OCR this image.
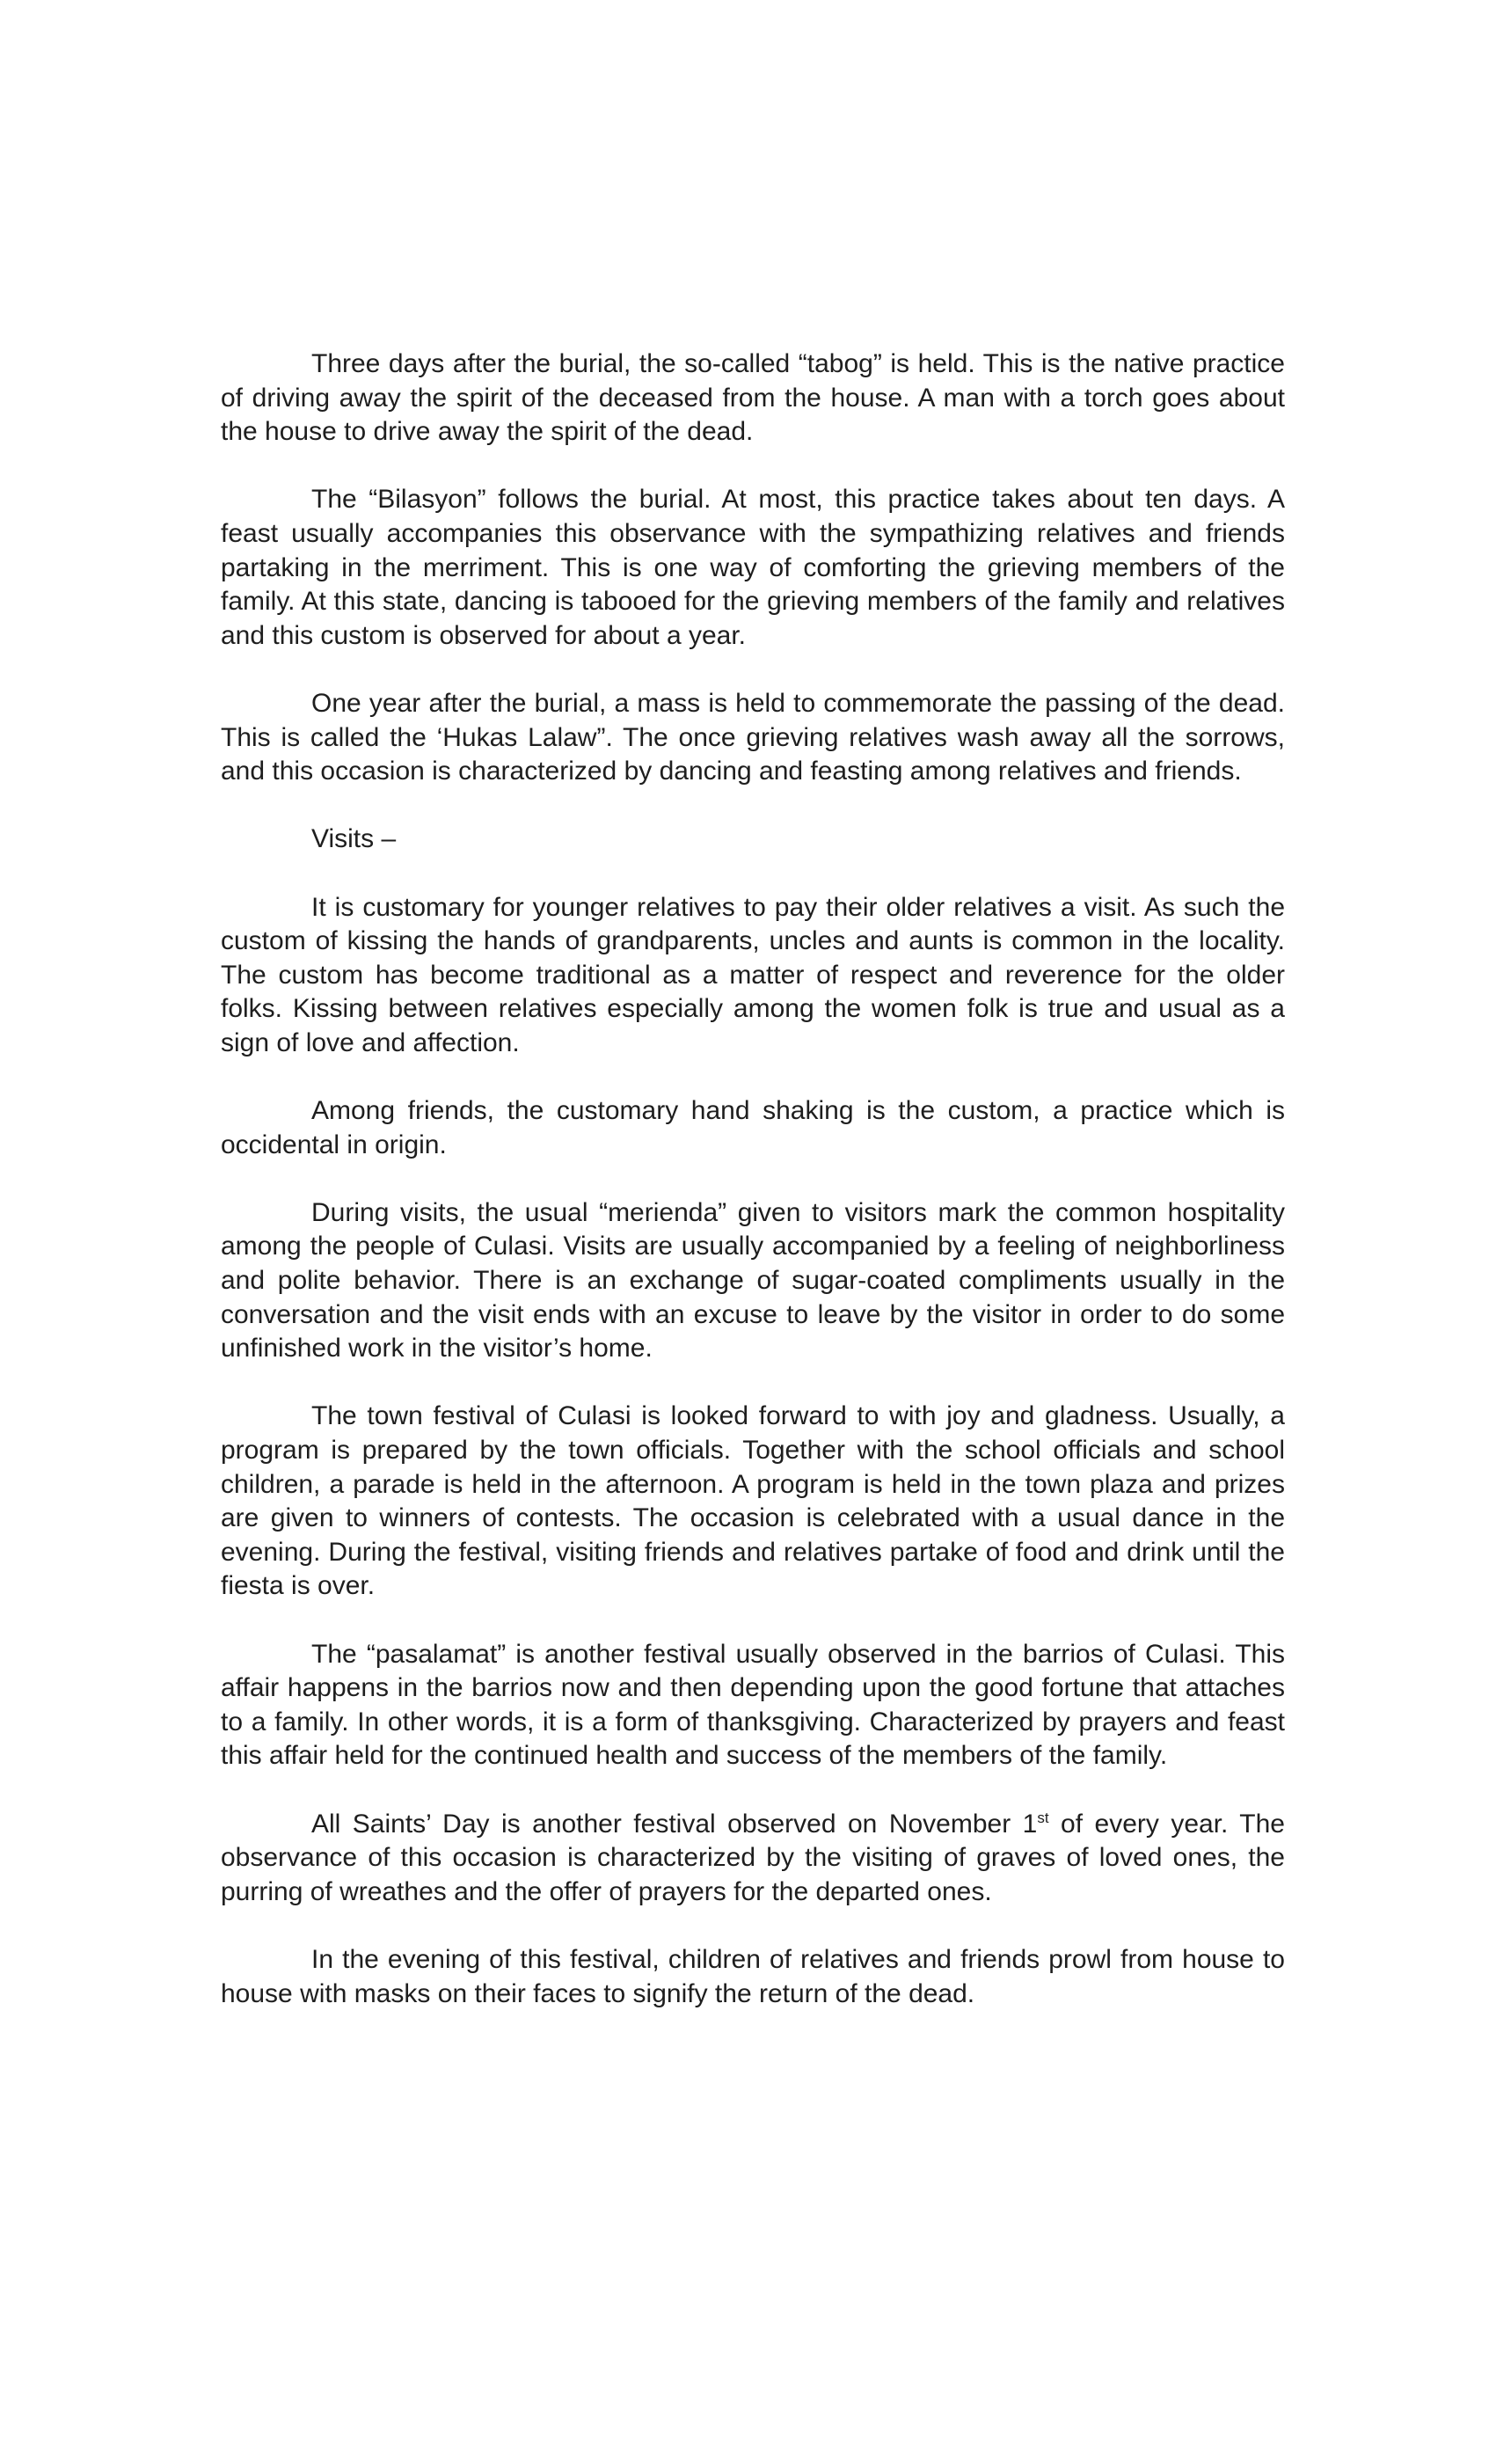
Three days after the burial, the so-called “tabog” is held. This is the native practice of driving away the spirit of the deceased from the house. A man with a torch goes about the house to drive away the spirit of the dead.

The “Bilasyon” follows the burial. At most, this practice takes about ten days. A feast usually accompanies this observance with the sympathizing relatives and friends partaking in the merriment. This is one way of comforting the grieving members of the family. At this state, dancing is tabooed for the grieving members of the family and relatives and this custom is observed for about a year.

One year after the burial, a mass is held to commemorate the passing of the dead. This is called the ‘Hukas Lalaw”. The once grieving relatives wash away all the sorrows, and this occasion is characterized by dancing and feasting among relatives and friends.

Visits –

It is customary for younger relatives to pay their older relatives a visit. As such the custom of kissing the hands of grandparents, uncles and aunts is common in the locality. The custom has become traditional as a matter of respect and reverence for the older folks. Kissing between relatives especially among the women folk is true and usual as a sign of love and affection.

Among friends, the customary hand shaking is the custom, a practice which is occidental in origin.

During visits, the usual “merienda” given to visitors mark the common hospitality among the people of Culasi. Visits are usually accompanied by a feeling of neighborliness and polite behavior. There is an exchange of sugar-coated compliments usually in the conversation and the visit ends with an excuse to leave by the visitor in order to do some unfinished work in the visitor’s home.

The town festival of Culasi is looked forward to with joy and gladness. Usually, a program is prepared by the town officials. Together with the school officials and school children, a parade is held in the afternoon. A program is held in the town plaza and prizes are given to winners of contests. The occasion is celebrated with a usual dance in the evening. During the festival, visiting friends and relatives partake of food and drink until the fiesta is over.

The “pasalamat” is another festival usually observed in the barrios of Culasi. This affair happens in the barrios now and then depending upon the good fortune that attaches to a family. In other words, it is a form of thanksgiving. Characterized by prayers and feast this affair held for the continued health and success of the members of the family.

All Saints’ Day is another festival observed on November 1st of every year. The observance of this occasion is characterized by the visiting of graves of loved ones, the purring of wreathes and the offer of prayers for the departed ones.

In the evening of this festival, children of relatives and friends prowl from house to house with masks on their faces to signify the return of the dead.
